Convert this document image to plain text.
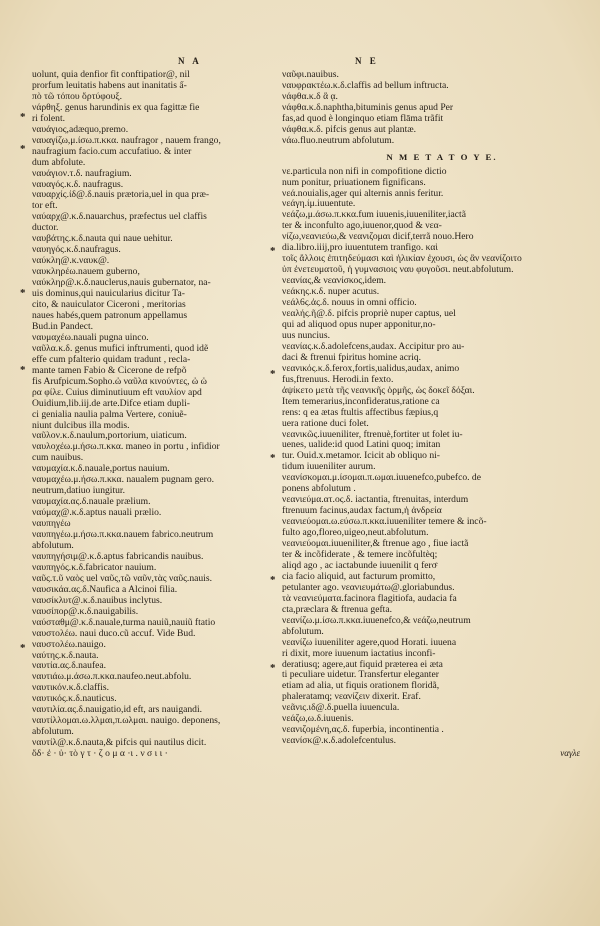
N A	N E
*
*
*
*
*
*
*
*
*
*
uolunt, quia denfior fit conftipatior@, nil
prorfum leuitatis habens aut inanitatis ẩ-
πὸ τῶ τόπου ὅρτύφουξ.
νάρθηξ. genus harundinis ex qua fagittæ fie
ri folent.
ναυάγιος,adæquo,premo.
ναυαγίζω,μ.ίσω.π.κκα. naufragor , nauem frango,
naufragium facio.cum accufatiuo. & inter
dum abfolute.
ναυάγιον.τ.δ. naufragium.
ναυαγός.κ.δ. naufragus.
ναυαρχίς.ίδ@.δ.nauis prætoria,uel in qua præ-
tor eft.
ναύαρχ@.κ.δ.nauarchus, præfectus uel claffis
ductor.
ναυβάτης.κ.δ.nauta qui naue uehitur.
ναυηγός.κ.δ.naufragus.
ναύκλη@.κ.ναυκ@.
ναυκληρέω.nauem guberno,
ναύκληρ@.κ.δ.nauclerus,nauis gubernator, na-
uis dominus,qui nauicularius dicitur Ta-
cito, & nauiculator Ciceroni , meritorias
naues habés,quem patronum appellamus
Bud.in Pandect.
ναυμαχέω.nauali pugna uinco.
ναῦλα.κ.δ. genus mufici inftrumenti, quod idẽ
effe cum pfalterio quidam tradunt , recla-
mante tamen Fabio & Cicerone de refpõ
fis Arufpicum.Sopho.ὦ ναῦλα κινούντες, ὦ ὦ
ρα φίλε. Cuius diminutiuum eft ναυλίον apd
Ouidium,lib.iij.de arte.Difce etiam dupli-
ci genialia naulia palma Vertere, coniuẽ-
niunt dulcibus illa modis.
ναῦλον.κ.δ.naulum,portorium, uiaticum.
ναυλοχέω.μ.ήσω.π.κκα. maneo in portu , infidior
cum nauibus.
ναυμαχία.κ.δ.nauale,portus nauium.
ναυμαχέω.μ.ήσω.π.κκα. naualem pugnam gero.
neutrum,datiuo iungitur.
ναυμαχία.ας.δ.nauale prælium.
ναύμαχ@.κ.δ.aptus nauali prælio.
ναυπηγέω
ναυπηγέω.μ.ήσω.π.κκα.nauem fabrico.neutrum
abfolutum.
ναυπηγήσιμ@.κ.δ.aptus fabricandis nauibus.
ναυπηγός.κ.δ.fabricator nauium.
ναῦς.τ.ῦ ναὸς uel ναῦς,τῶ ναῦν,τὰς ναῦς.nauis.
ναυσικάα.ας.δ.Naufica a Alcinoi filia.
ναυσίκλυτ@.κ.δ.nauibus inclytus.
ναυσίπορ@.κ.δ.nauigabilis.
ναύσταθμ@.κ.δ.nauale,turma nauiũ,nauiũ ftatio
ναυστολέω. naui duco.cũ accuf. Vide Bud.
ναυστολέω.nauigo.
ναύτης.κ.δ.nauta.
ναυτία.ας.δ.naufea.
ναυτιάω.μ.άσω.π.κκα.naufeo.neut.abfolu.
ναυτικόν.κ.δ.claffis.
ναυτικός.κ.δ.nauticus.
ναυτιλία.ας.δ.nauigatio,id eft, ars nauigandi.
ναυτίλλομαι.ω.λλμαι,π.ωλμαι. nauigo. deponens,
abfolutum.
ναυτίλ@.κ.δ.nauta,& pifcis qui nautilus dicit.
ὅδ· ἐ · ὑ· τὸ γ τ · ζ ο μ α ·ι . ν σ ι ι ·
ναῦφι.nauibus.
ναυφρακτέω.κ.δ.claffis ad bellum inftructa.
νάφθα.κ.δ ἃ ᾳ.
νάφθα.κ.δ.naphtha,bituminis genus apud Per
fas,ad quod è longinquo etiam flāma trãfit
νάφθα.κ.δ. pifcis genus aut plantæ.
νάω.fluo.neutrum abfolutum.
N M E T A T O Y E.
νε.particula non nifi in compofitione dictio
num ponitur, priuationem fignificans.
νεά.nouialis,ager qui alternis annis feritur.
νεάγη.ίμ.iuuentute.
νεάζω,μ.άσω.π.κκα.fum iuuenis,iuueniliter,iactã
ter & inconfulto ago,iuuenor,quod & νεα-
νίζω,νεανιεύω,& νεανιζομαι dicif,terrã nouo.Hero
dia.libro.iiij,pro iuuentutem tranfigo. καὶ
τοῖς ἄλλοις ἐπιτηδεύμασι καὶ ἡλικίαν ἐχουσι, ὡς ἂν νεανίζοιτο
ὑπ ἐνετευματοῦ, ἡ γυμνασιοις ναυ φυγοῦσι. neut.abfolutum.
νεανίας,& νεανίσκος,idem.
νεάκης.κ.δ. nuper acutus.
νεάλ6ς.ἀς.δ. nouus in omni officio.
νεαλής.ῆ@.δ. pifcis propriè nuper captus, uel
qui ad aliquod opus nuper apponitur,no-
uus nuncius.
νεανίας.κ.δ.adolefcens,audax. Accipitur pro au-
daci & ftrenui fpiritus homine acriq.
νεανικός.κ.δ.ferox,fortis,ualidus,audax, animo
fus,ftrenuus. Herodi.in fexto.
ἀψίκετο μετὰ τῆς νεανικῆς ὁρμῆς, ὡς δοκεῖ δόξαι.
Item temerarius,inconfideratus,ratione ca
rens: q ea ætas ftultis affectibus fæpius,q
uera ratione duci folet.
νεανικῶς.iuueniliter, ftrenuè,fortiter ut folet iu-
uenes, ualide:id quod Latini quoq; imitan
tur. Ouid.x.metamor. Icicit ab obliquo ni-
tidum iuueniliter aurum.
νεανίσκομαι.μ.ίσομαι.π.ωμαι.iuuenefco,pubefco. de
ponens abfolutum .
νεανιεύμα.ατ.ος.δ. iactantia, ftrenuitas, interdum
ftrenuum facinus,audax factum,ἡ ἀνδρεία
νεανιεύομαι.ω.εύσω.π.κκα.iuueniliter temere & incõ-
fulto ago,floreo,uigeo,neut.abfolutum.
νεανιεύομαι.iuueniliter,& ftrenue ago , fiue iactã
ter & incõfiderate , & temere incõfultèq;
aliqd ago , ac iactabunde iuuenilit q feroͤ
cia facio aliquid, aut facturum promitto,
petulanter ago. νεανιευμάτω@.gloriabundus.
τὰ νεανιεύματα.facinora flagitiofa, audacia fa
cta,præclara & ftrenua gefta.
νεανίζω.μ.ίσω.π.κκα.iuuenefco,& νεάζω,neutrum
abfolutum.
νεανίζω iuueniliter agere,quod Horati. iuuena
ri dixit, more iuuenum iactatius inconfi-
deratiusq; agere,aut fiquid præterea ei æta
ti peculiare uidetur. Transfertur eleganter
etiam ad alia, ut fiquis orationem floridã,
phaleratamq; νεανίζειν dixerit. Eraf.
νεᾶνις.ιδ@.δ.puella iuuencula.
νεάζω,ω.δ.iuuenis.
νεανιζομένη,ας.δ. fuperbia, incontinentia .
νεανίσκ@.κ.δ.adolefcentulus.
ναγλε
